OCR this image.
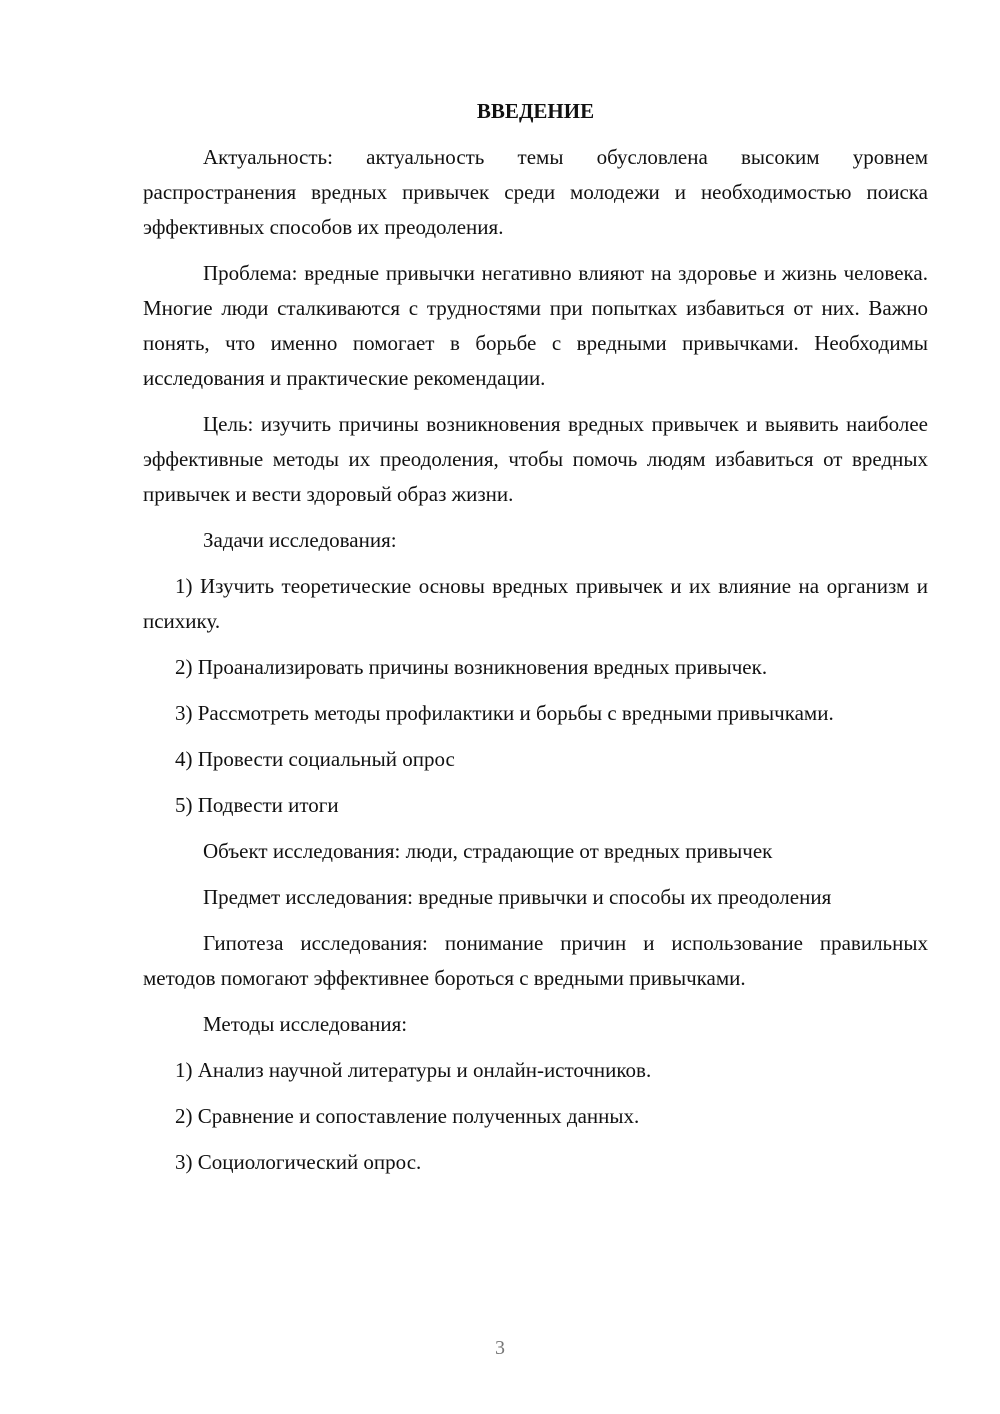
ВВЕДЕНИЕ

Актуальность: актуальность темы обусловлена высоким уровнем распространения вредных привычек среди молодежи и необходимостью поиска эффективных способов их преодоления.

Проблема: вредные привычки негативно влияют на здоровье и жизнь человека. Многие люди сталкиваются с трудностями при попытках избавиться от них. Важно понять, что именно помогает в борьбе с вредными привычками. Необходимы исследования и практические рекомендации.

Цель: изучить причины возникновения вредных привычек и выявить наиболее эффективные методы их преодоления, чтобы помочь людям избавиться от вредных привычек и вести здоровый образ жизни.

Задачи исследования:

1) Изучить теоретические основы вредных привычек и их влияние на организм и психику.

2) Проанализировать причины возникновения вредных привычек.

3) Рассмотреть методы профилактики и борьбы с вредными привычками.

4) Провести социальный опрос

5) Подвести итоги

Объект исследования: люди, страдающие от вредных привычек

Предмет исследования: вредные привычки и способы их преодоления

Гипотеза исследования: понимание причин и использование правильных методов помогают эффективнее бороться с вредными привычками.

Методы исследования:

1) Анализ научной литературы и онлайн-источников.

2) Сравнение и сопоставление полученных данных.

3) Социологический опрос.

3
